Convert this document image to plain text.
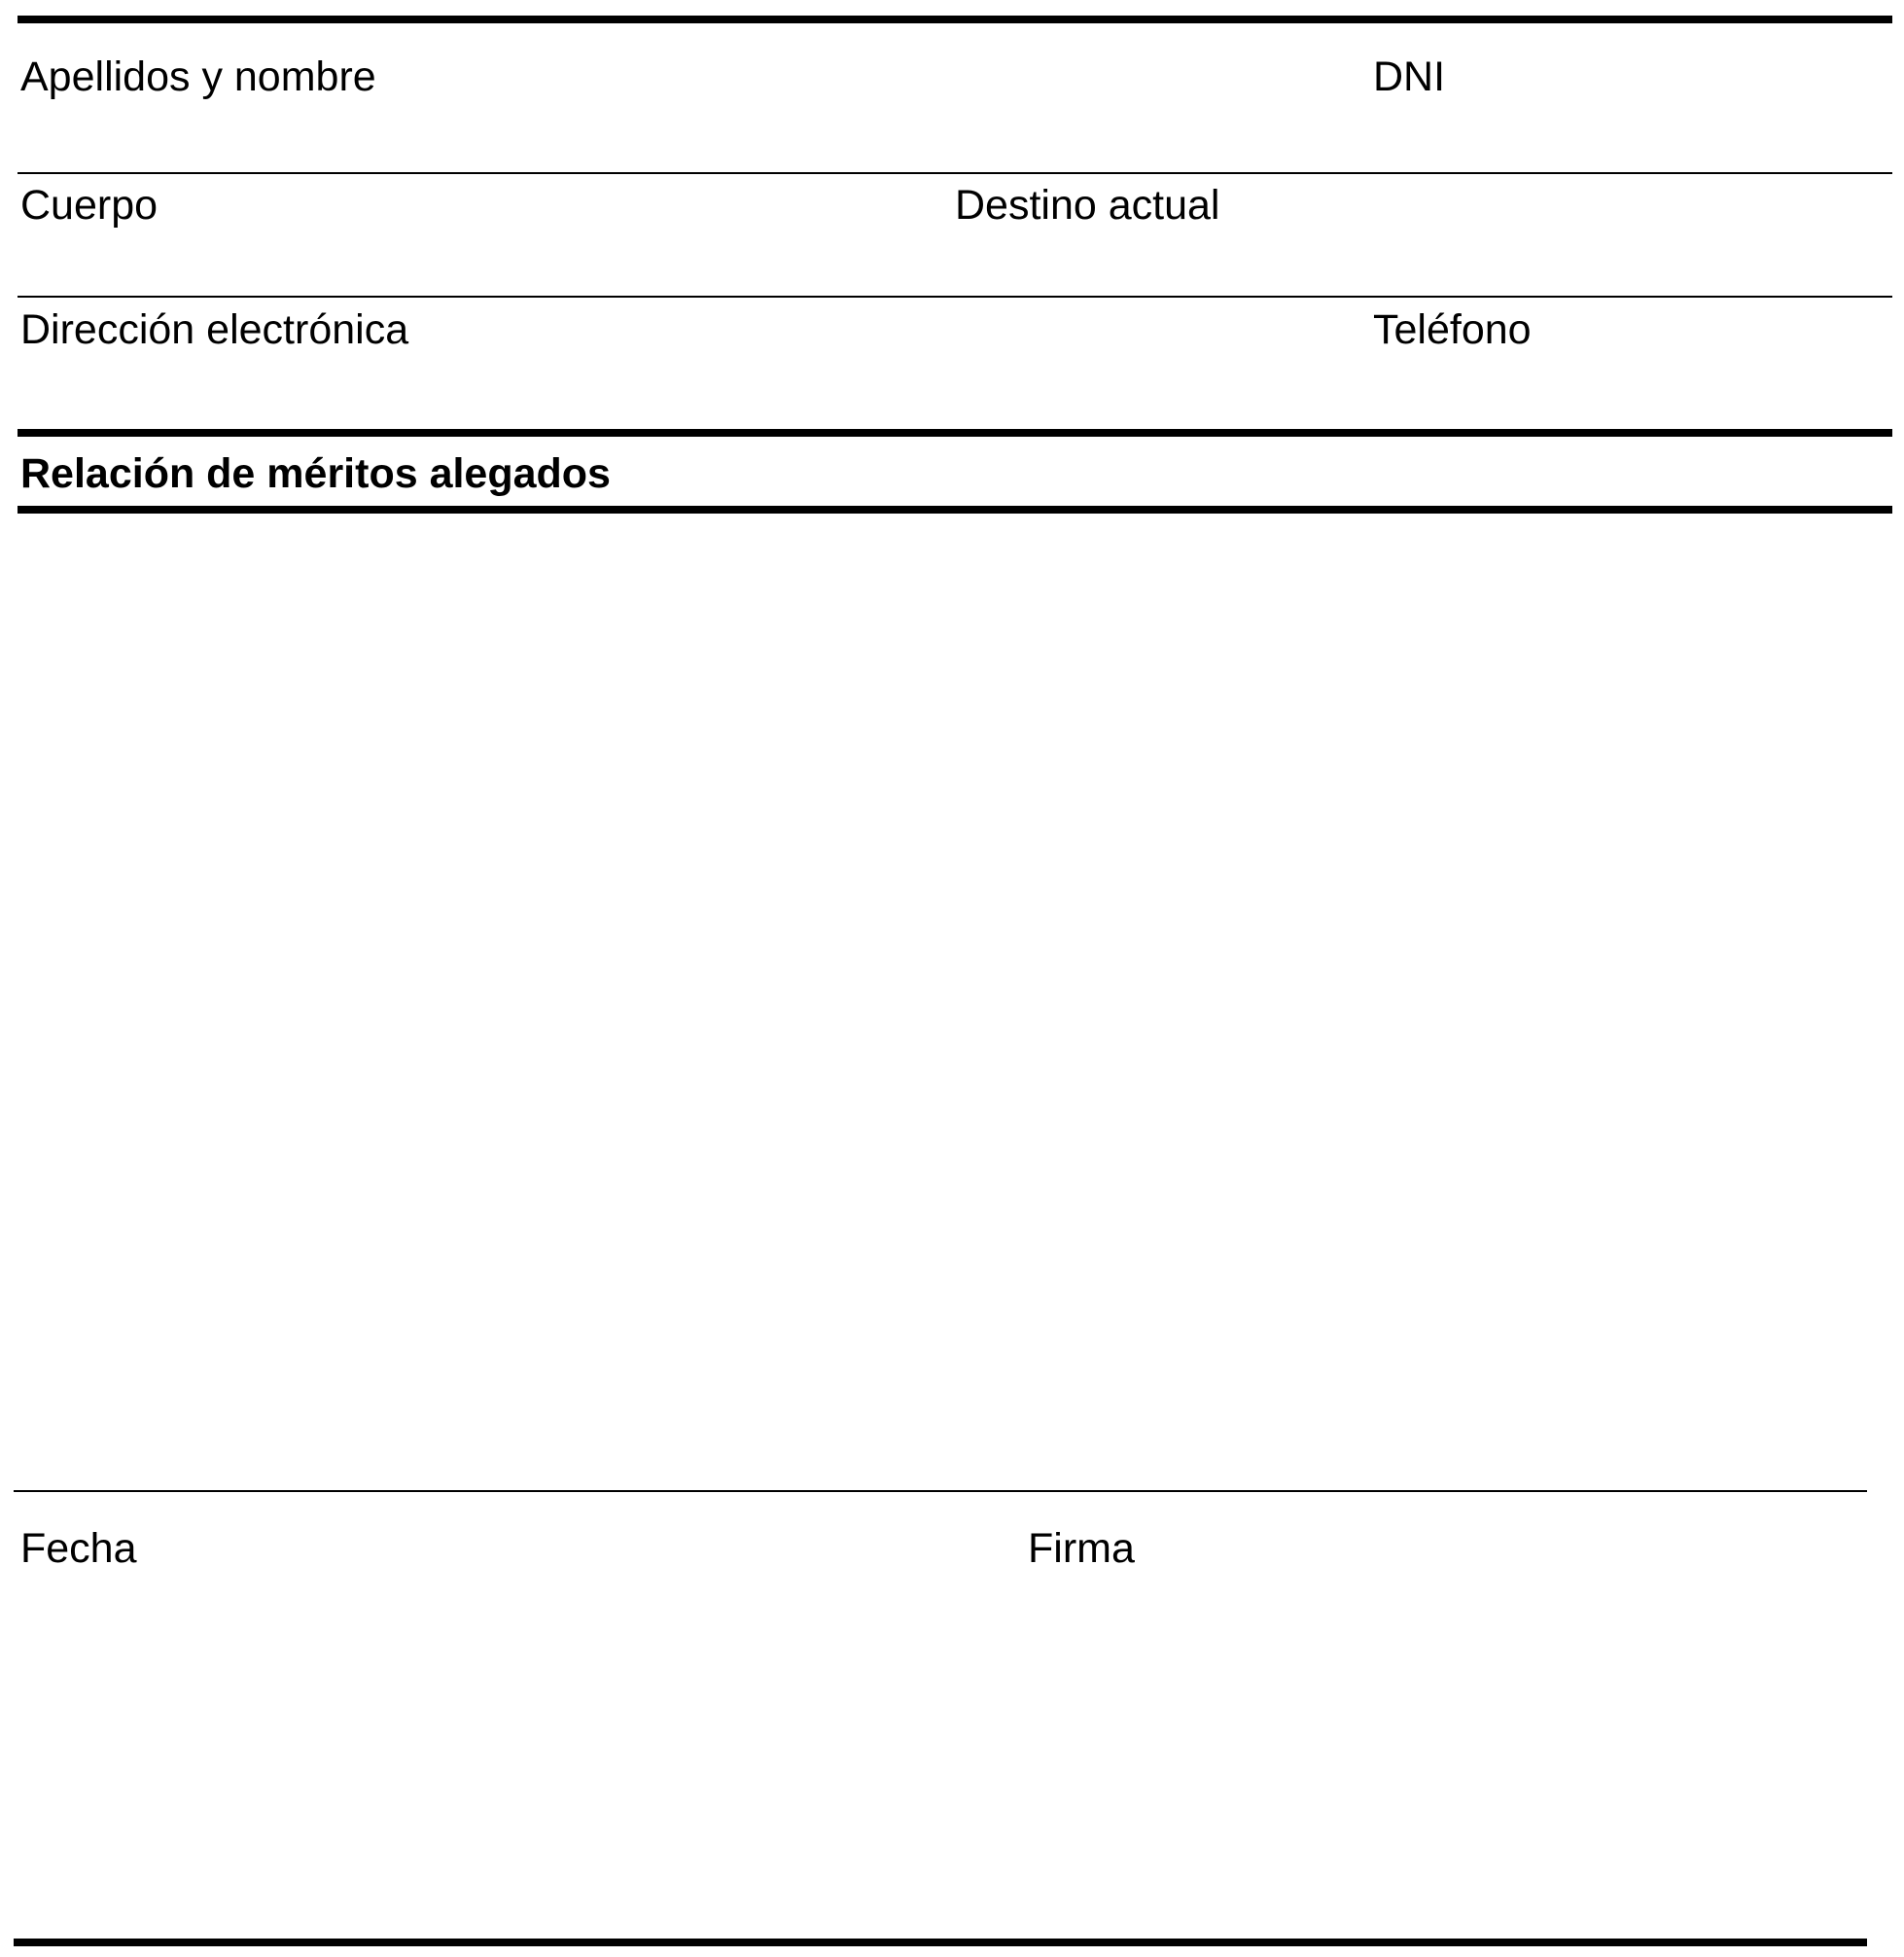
Apellidos y nombre	DNI
Cuerpo	Destino actual
Dirección electrónica	Teléfono
Relación de méritos alegados
Fecha	Firma
